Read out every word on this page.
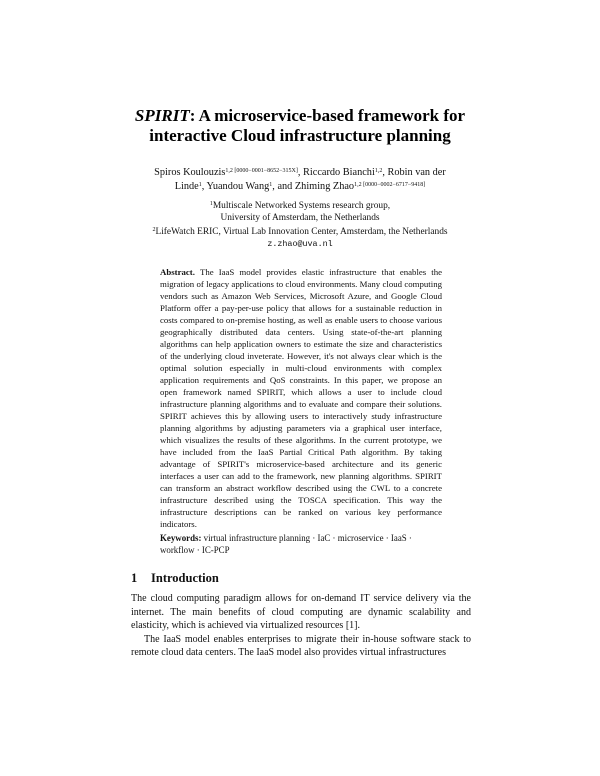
SPIRIT: A microservice-based framework for
interactive Cloud infrastructure planning
Spiros Koulouzis$^{1,2 [0000-0001-8652-315X]}$, Riccardo Bianchi$^{1,2}$, Robin van der
Linde$^1$, Yuandou Wang$^1$, and Zhiming Zhao$^{1,2 [0000-0002-6717-9418]}$
$^1$Multiscale Networked Systems research group,
University of Amsterdam, the Netherlands
$^2$LifeWatch ERIC, Virtual Lab Innovation Center, Amsterdam, the Netherlands
z.zhao@uva.nl
Abstract. The IaaS model provides elastic infrastructure that enables the migration of legacy applications to cloud environments. Many cloud computing vendors such as Amazon Web Services, Microsoft Azure, and Google Cloud Platform offer a pay-per-use policy that allows for a sustainable reduction in costs compared to on-premise hosting, as well as enable users to choose various geographically distributed data centers. Using state-of-the-art planning algorithms can help application owners to estimate the size and characteristics of the underlying cloud inveterate. However, it's not always clear which is the optimal solution especially in multi-cloud environments with complex application requirements and QoS constraints. In this paper, we propose an open framework named SPIRIT, which allows a user to include cloud infrastructure planning algorithms and to evaluate and compare their solutions. SPIRIT achieves this by allowing users to interactively study infrastructure planning algorithms by adjusting parameters via a graphical user interface, which visualizes the results of these algorithms. In the current prototype, we have included from the IaaS Partial Critical Path algorithm. By taking advantage of SPIRIT's microservice-based architecture and its generic interfaces a user can add to the framework, new planning algorithms. SPIRIT can transform an abstract workflow described using the CWL to a concrete infrastructure described using the TOSCA specification. This way the infrastructure descriptions can be ranked on various key performance indicators.
Keywords: virtual infrastructure planning · IaC · microservice · IaaS · workflow · IC-PCP
1 Introduction

The cloud computing paradigm allows for on-demand IT service delivery via the internet. The main benefits of cloud computing are dynamic scalability and elasticity, which is achieved via virtualized resources [1].

The IaaS model enables enterprises to migrate their in-house software stack to remote cloud data centers. The IaaS model also provides virtual infrastructures
